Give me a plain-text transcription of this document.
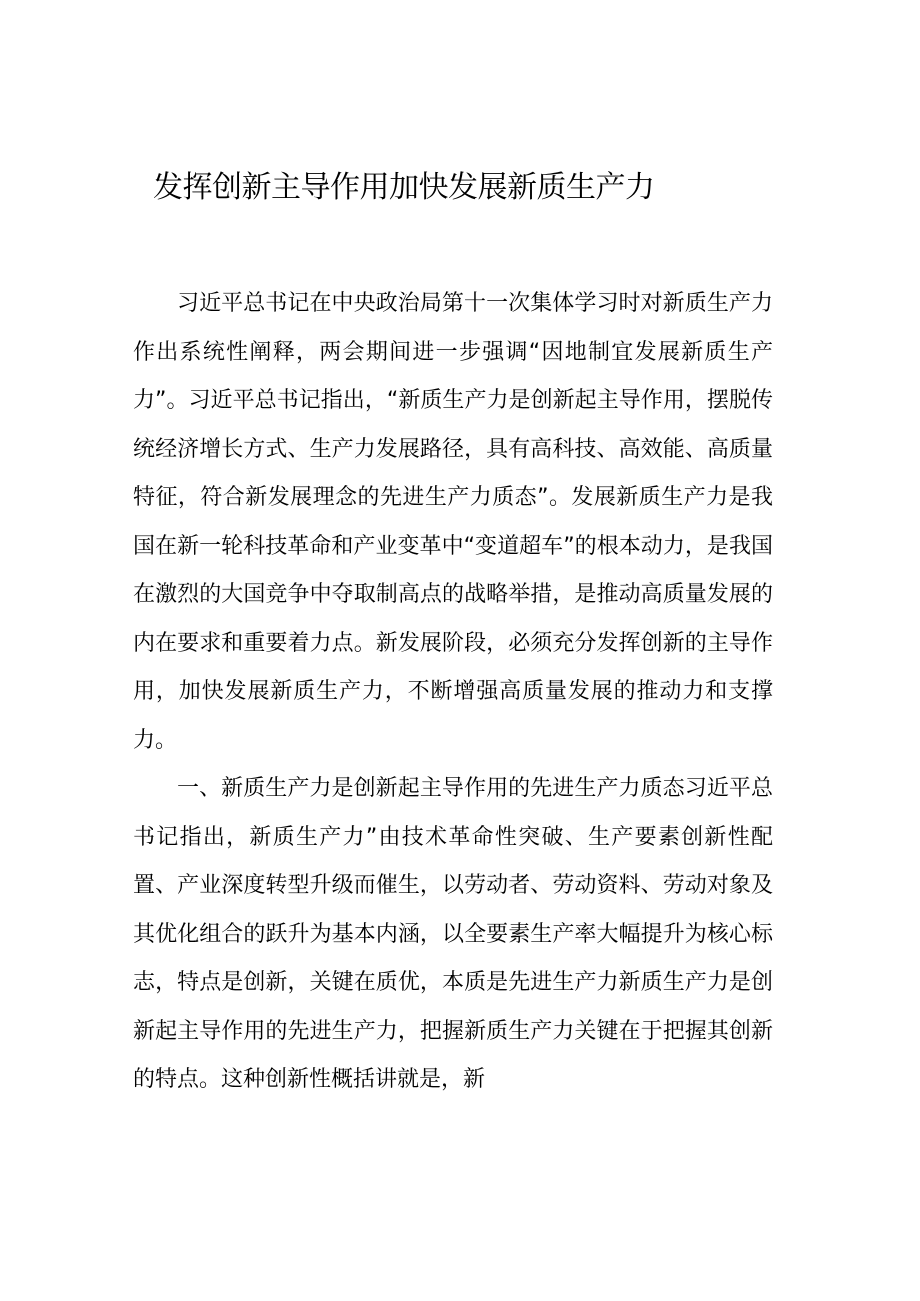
发挥创新主导作用加快发展新质生产力

习近平总书记在中央政治局第十一次集体学习时对新质生产力作出系统性阐释，两会期间进一步强调“因地制宜发展新质生产力”。习近平总书记指出，“新质生产力是创新起主导作用，摆脱传统经济增长方式、生产力发展路径，具有高科技、高效能、高质量特征，符合新发展理念的先进生产力质态”。发展新质生产力是我国在新一轮科技革命和产业变革中“变道超车”的根本动力，是我国在激烈的大国竞争中夺取制高点的战略举措，是推动高质量发展的内在要求和重要着力点。新发展阶段，必须充分发挥创新的主导作用，加快发展新质生产力，不断增强高质量发展的推动力和支撑力。

一、新质生产力是创新起主导作用的先进生产力质态习近平总书记指出，新质生产力”由技术革命性突破、生产要素创新性配置、产业深度转型升级而催生，以劳动者、劳动资料、劳动对象及其优化组合的跃升为基本内涵，以全要素生产率大幅提升为核心标志，特点是创新，关键在质优，本质是先进生产力新质生产力是创新起主导作用的先进生产力，把握新质生产力关键在于把握其创新的特点。这种创新性概括讲就是，新
